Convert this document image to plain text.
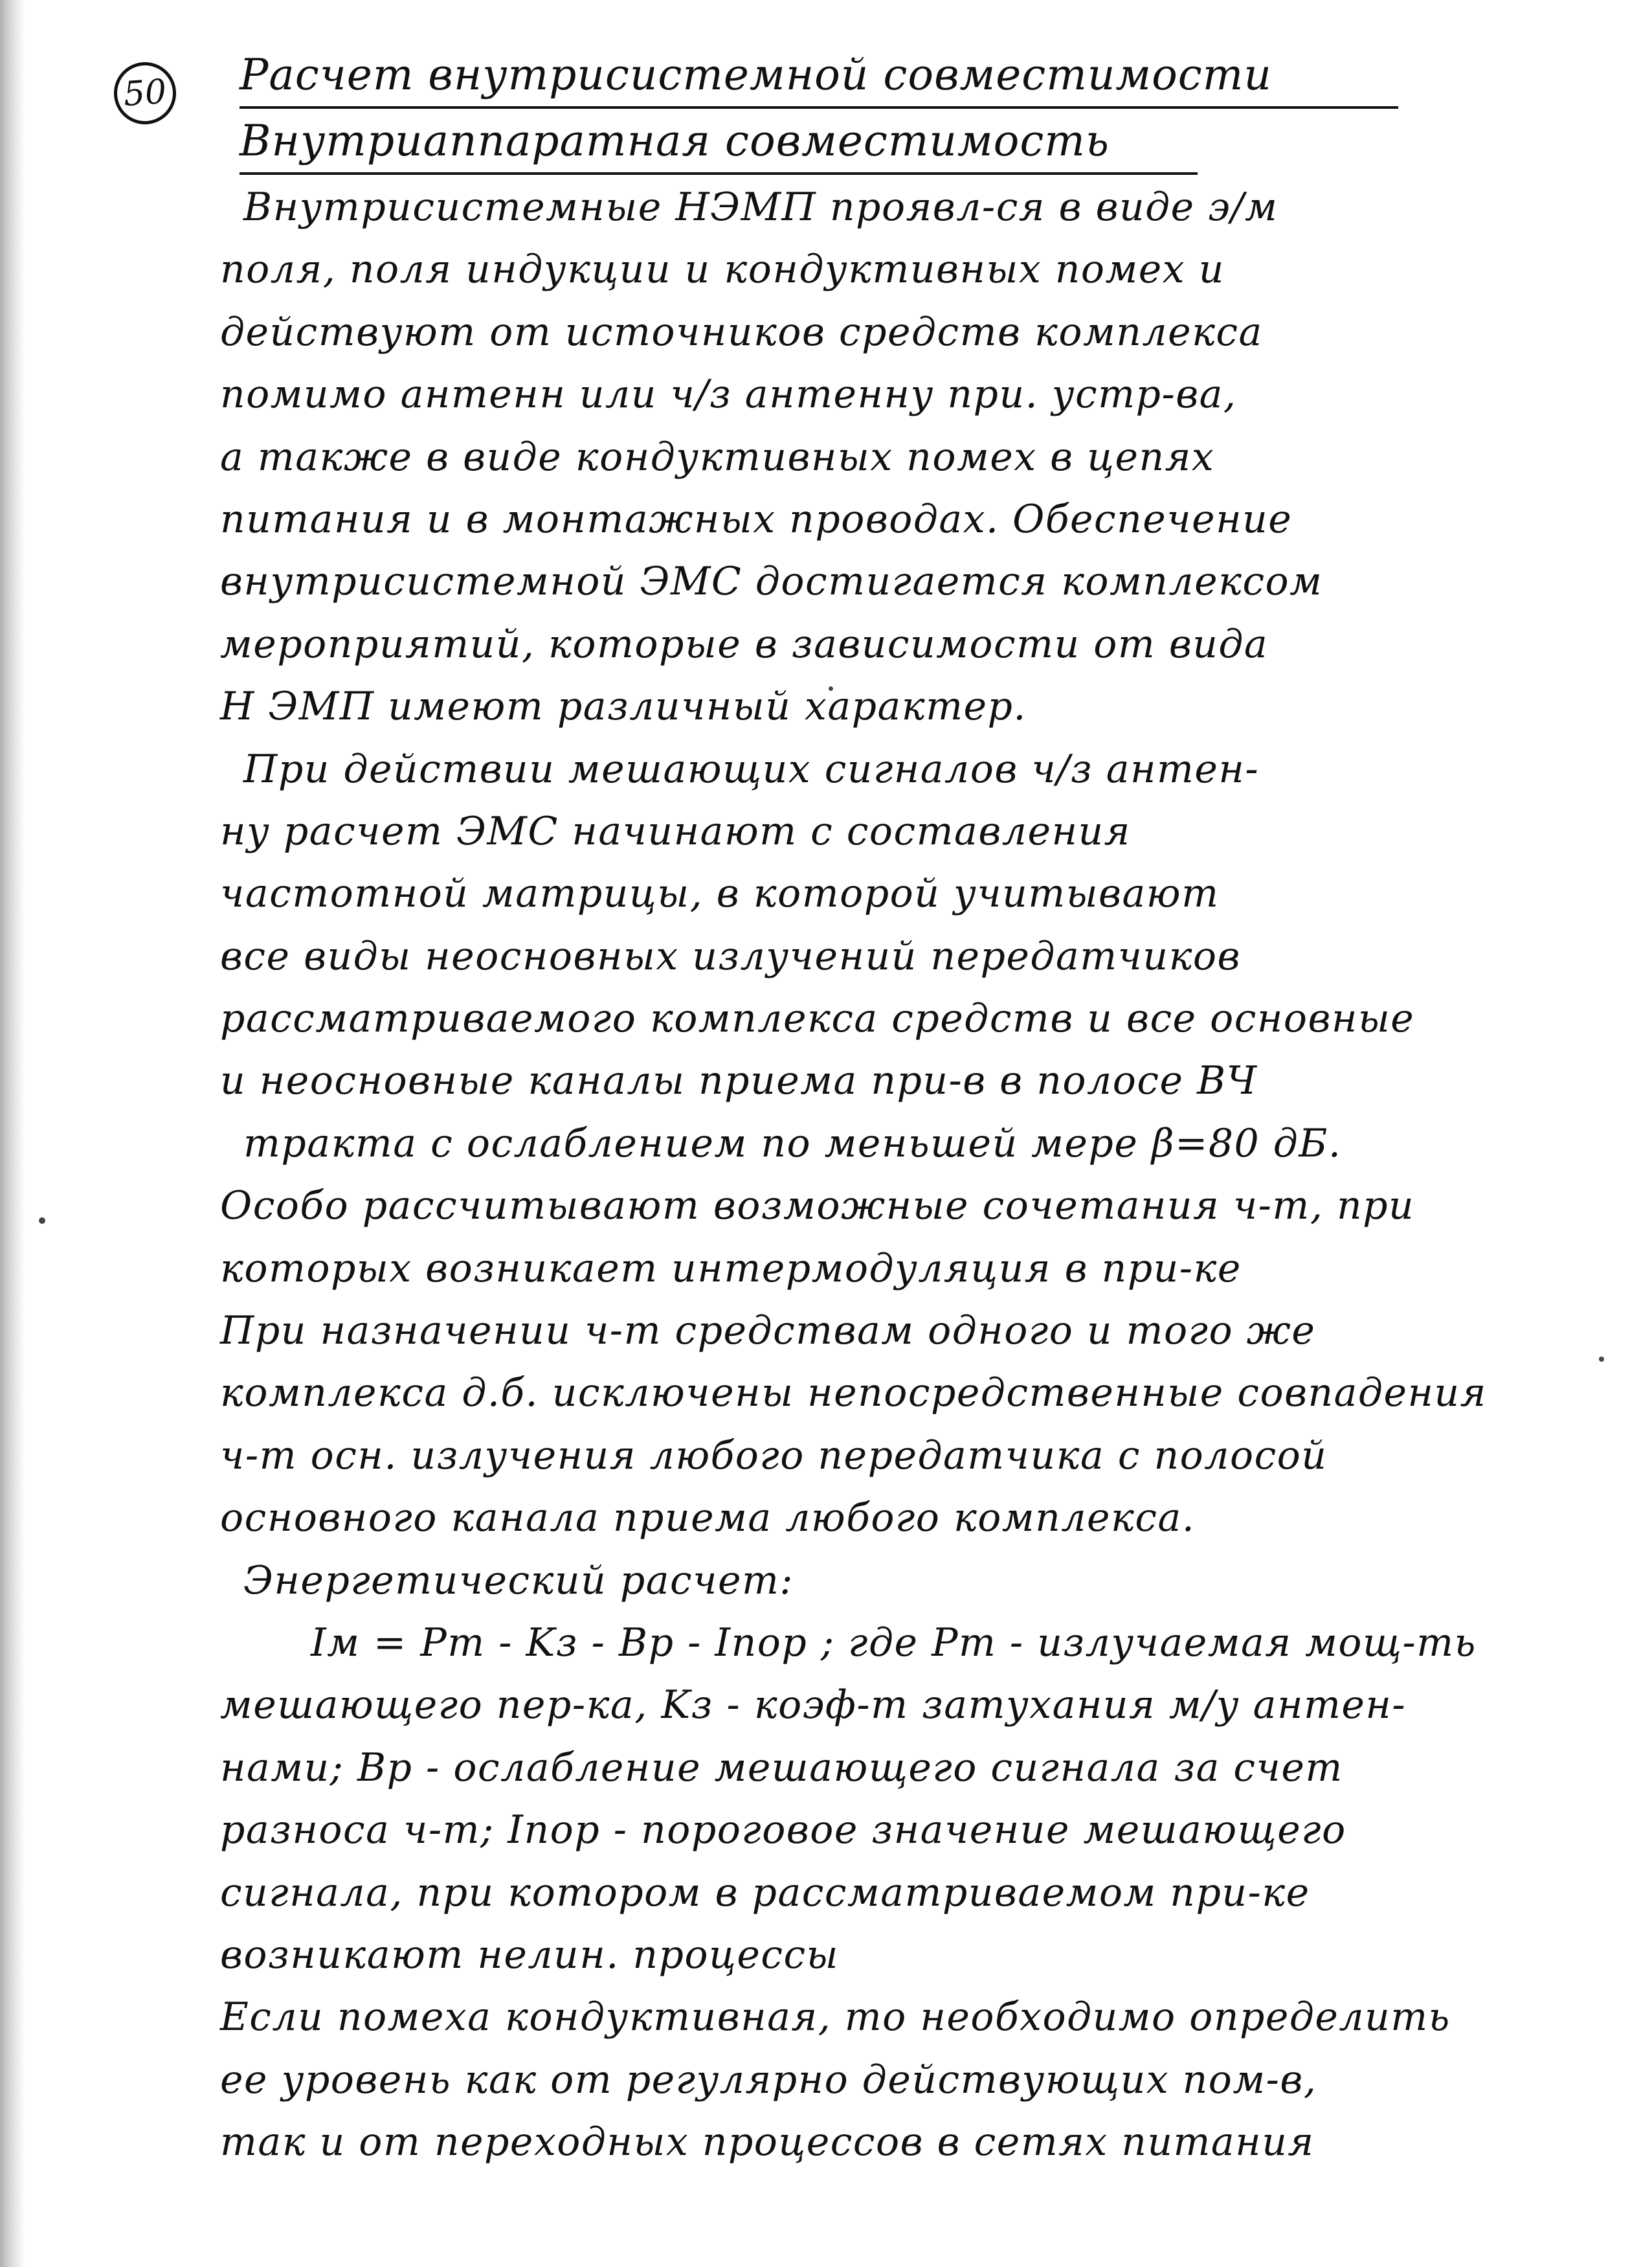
50 Расчет внутрисистемной совместимости Внутриаппаратная совместимость
Внутрисистемные НЭМП проявл-ся в виде э/м
поля, поля индукции и кондуктивных помех и
действуют от источников средств комплекса
помимо антенн или ч/з антенну при. устр-ва,
а также в виде кондуктивных помех в цепях
питания и в монтажных проводах. Обеспечение
внутрисистемной ЭМС достигается комплексом
мероприятий, которые в зависимости от вида
Н ЭМП имеют различный характер.
При действии мешающих сигналов ч/з антен-
ну расчет ЭМС начинают с составления
частотной матрицы, в которой учитывают
все виды неосновных излучений передатчиков
рассматриваемого комплекса средств и все основные
и неосновные каналы приема при-в в полосе ВЧ
тракта с ослаблением по меньшей мере β=80 дБ.
Особо рассчитывают возможные сочетания ч-т, при
которых возникает интермодуляция в при-ке
При назначении ч-т средствам одного и того же
комплекса д.б. исключены непосредственные совпадения
ч-т осн. излучения любого передатчика с полосой
основного канала приема любого комплекса.
Энергетический расчет:
Iм = Pт - Kз - Bр - Iпор ; где Pт - излучаемая мощ-ть
мешающего пер-ка, Kз - коэф-т затухания м/у антен-
нами; Bр - ослабление мешающего сигнала за счет
разноса ч-т; Iпор - пороговое значение мешающего
сигнала, при котором в рассматриваемом при-ке
возникают нелин. процессы
Если помеха кондуктивная, то необходимо определить
ее уровень как от регулярно действующих пом-в,
так и от переходных процессов в сетях питания
